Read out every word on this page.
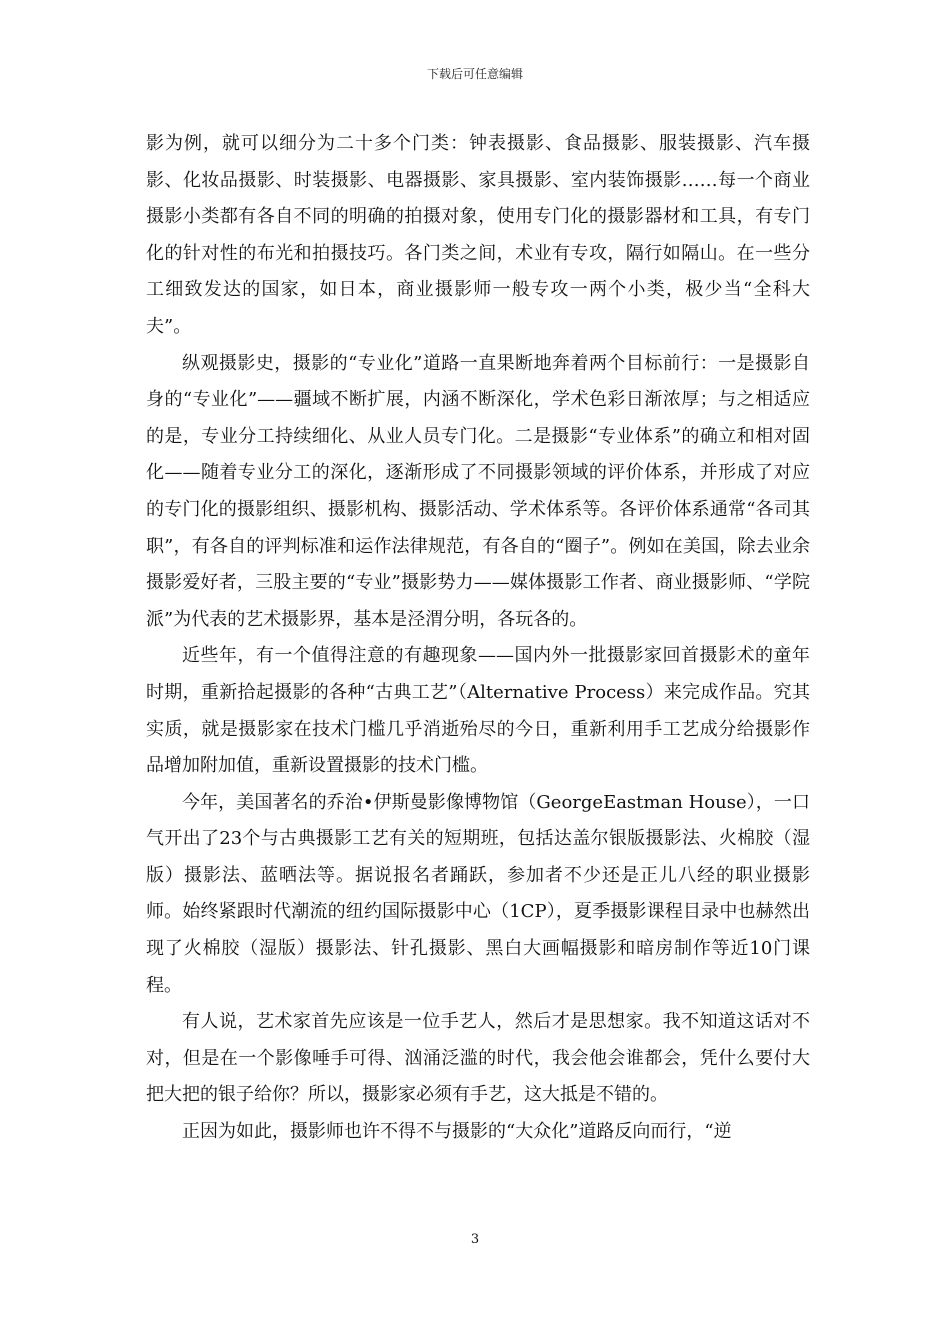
下载后可任意编辑

影为例，就可以细分为二十多个门类：钟表摄影、食品摄影、服装摄影、汽车摄影、化妆品摄影、时装摄影、电器摄影、家具摄影、室内装饰摄影……每一个商业摄影小类都有各自不同的明确的拍摄对象，使用专门化的摄影器材和工具，有专门化的针对性的布光和拍摄技巧。各门类之间，术业有专攻，隔行如隔山。在一些分工细致发达的国家，如日本，商业摄影师一般专攻一两个小类，极少当“全科大夫”。

纵观摄影史，摄影的“专业化”道路一直果断地奔着两个目标前行：一是摄影自身的“专业化”——疆域不断扩展，内涵不断深化，学术色彩日渐浓厚；与之相适应的是，专业分工持续细化、从业人员专门化。二是摄影“专业体系”的确立和相对固化——随着专业分工的深化，逐渐形成了不同摄影领域的评价体系，并形成了对应的专门化的摄影组织、摄影机构、摄影活动、学术体系等。各评价体系通常“各司其职”，有各自的评判标准和运作法律规范，有各自的“圈子”。例如在美国，除去业余摄影爱好者，三股主要的“专业”摄影势力——媒体摄影工作者、商业摄影师、“学院派”为代表的艺术摄影界，基本是泾渭分明，各玩各的。

近些年，有一个值得注意的有趣现象——国内外一批摄影家回首摄影术的童年时期，重新拾起摄影的各种“古典工艺”（Alternative Process）来完成作品。究其实质，就是摄影家在技术门槛几乎消逝殆尽的今日，重新利用手工艺成分给摄影作品增加附加值，重新设置摄影的技术门槛。

今年，美国著名的乔治•伊斯曼影像博物馆（GeorgeEastman House），一口气开出了23个与古典摄影工艺有关的短期班，包括达盖尔银版摄影法、火棉胶（湿版）摄影法、蓝晒法等。据说报名者踊跃，参加者不少还是正儿八经的职业摄影师。始终紧跟时代潮流的纽约国际摄影中心（1CP），夏季摄影课程目录中也赫然出现了火棉胶（湿版）摄影法、针孔摄影、黑白大画幅摄影和暗房制作等近10门课程。

有人说，艺术家首先应该是一位手艺人，然后才是思想家。我不知道这话对不对，但是在一个影像唾手可得、汹涌泛滥的时代，我会他会谁都会，凭什么要付大把大把的银子给你？所以，摄影家必须有手艺，这大抵是不错的。

正因为如此，摄影师也许不得不与摄影的“大众化”道路反向而行，“逆

3
